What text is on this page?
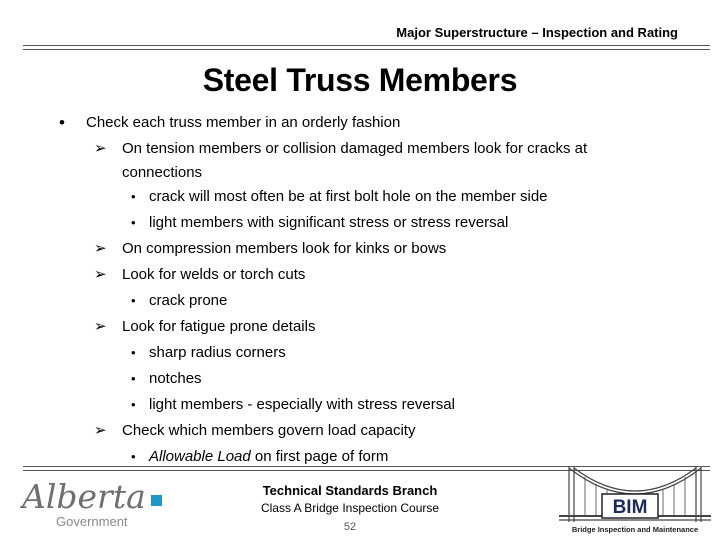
Major Superstructure – Inspection and Rating
Steel Truss Members
• Check each truss member in an orderly fashion
➢ On tension members or collision damaged members look for cracks at
connections
• crack will most often be at first bolt hole on the member side
• light members with significant stress or stress reversal
➢ On compression members look for kinks or bows
➢ Look for welds or torch cuts
• crack prone
➢ Look for fatigue prone details
• sharp radius corners
• notches
• light members - especially with stress reversal
➢ Check which members govern load capacity
• Allowable Load on first page of form
Alberta
Government
Technical Standards Branch
Class A Bridge Inspection Course
52
BIM
Bridge Inspection and Maintenance
